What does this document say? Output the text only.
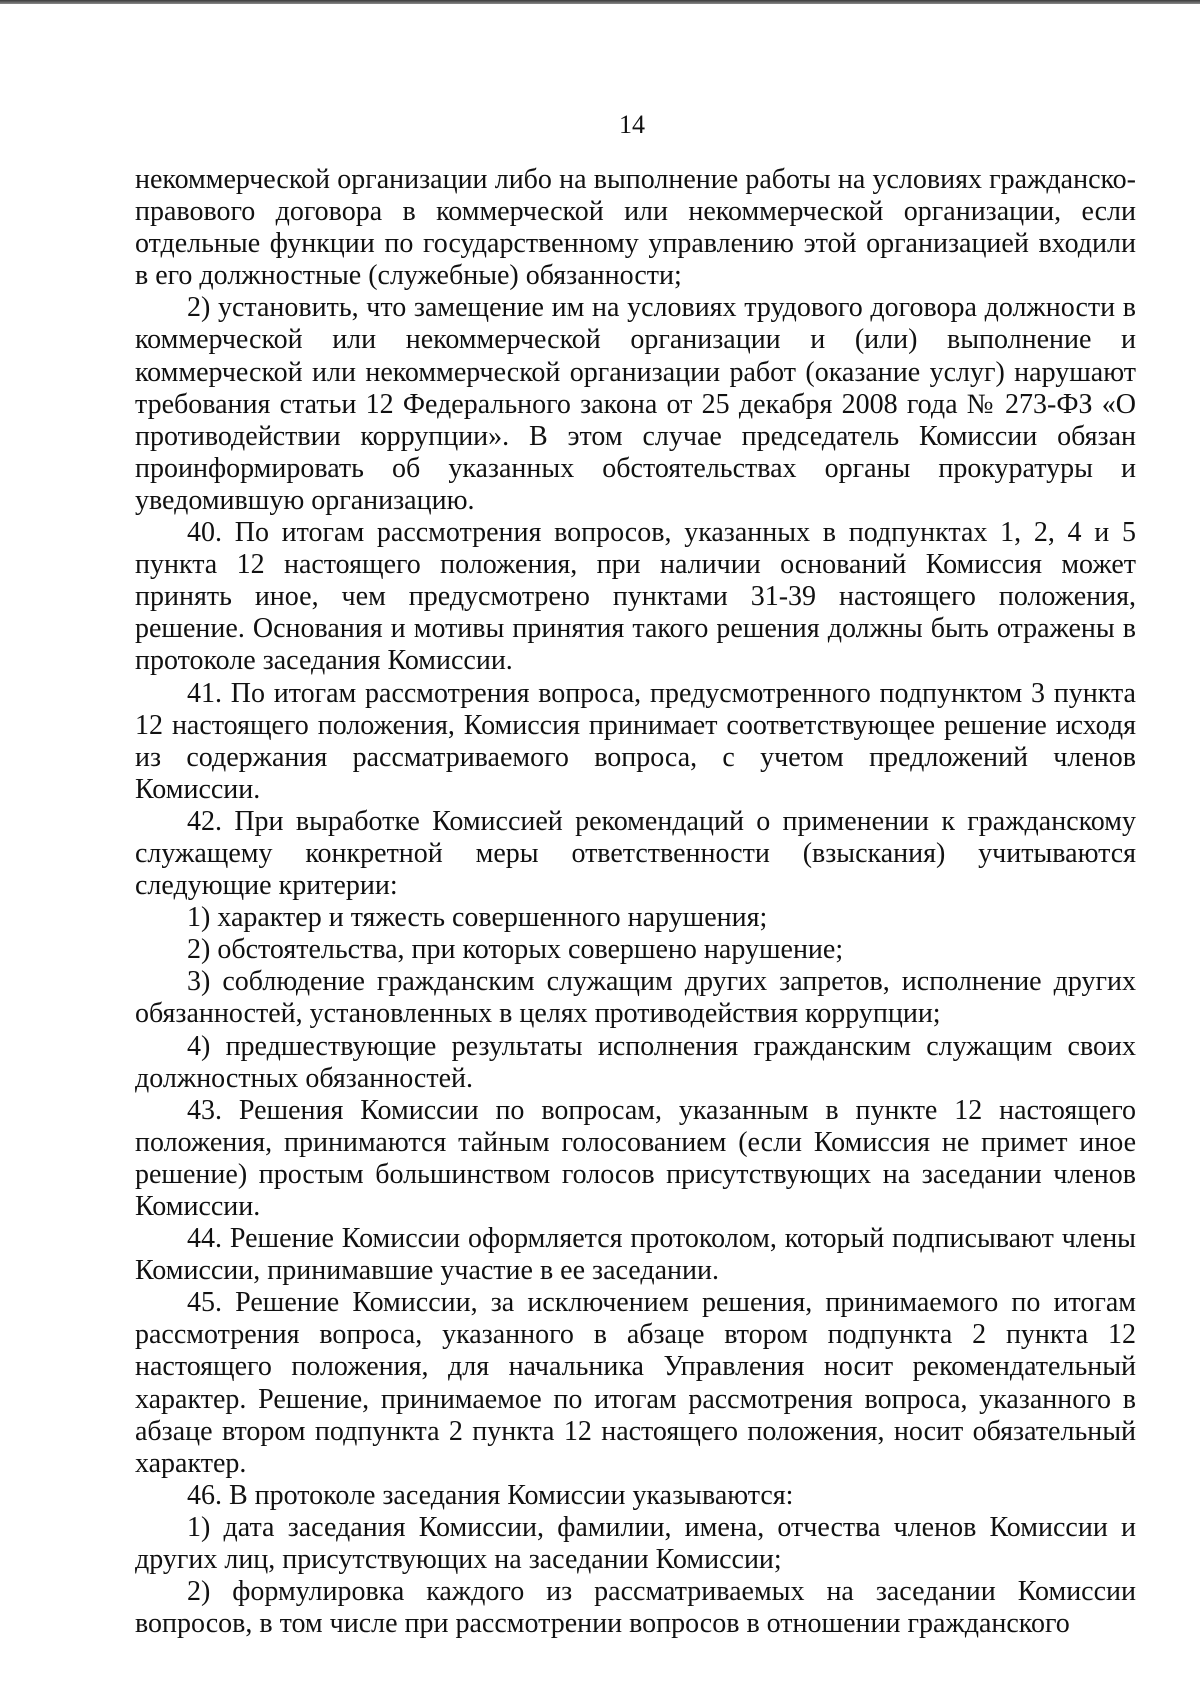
14

некоммерческой организации либо на выполнение работы на условиях гражданско-правового договора в коммерческой или некоммерческой организации, если отдельные функции по государственному управлению этой организацией входили в его должностные (служебные) обязанности;

2) установить, что замещение им на условиях трудового договора должности в коммерческой или некоммерческой организации и (или) выполнение и коммерческой или некоммерческой организации работ (оказание услуг) нарушают требования статьи 12 Федерального закона от 25 декабря 2008 года № 273-ФЗ «О противодействии коррупции». В этом случае председатель Комиссии обязан проинформировать об указанных обстоятельствах органы прокуратуры и уведомившую организацию.

40. По итогам рассмотрения вопросов, указанных в подпунктах 1, 2, 4 и 5 пункта 12 настоящего положения, при наличии оснований Комиссия может принять иное, чем предусмотрено пунктами 31-39 настоящего положения, решение. Основания и мотивы принятия такого решения должны быть отражены в протоколе заседания Комиссии.

41. По итогам рассмотрения вопроса, предусмотренного подпунктом 3 пункта 12 настоящего положения, Комиссия принимает соответствующее решение исходя из содержания рассматриваемого вопроса, с учетом предложений членов Комиссии.

42. При выработке Комиссией рекомендаций о применении к гражданскому служащему конкретной меры ответственности (взыскания) учитываются следующие критерии:

1) характер и тяжесть совершенного нарушения;

2) обстоятельства, при которых совершено нарушение;

3) соблюдение гражданским служащим других запретов, исполнение других обязанностей, установленных в целях противодействия коррупции;

4) предшествующие результаты исполнения гражданским служащим своих должностных обязанностей.

43. Решения Комиссии по вопросам, указанным в пункте 12 настоящего положения, принимаются тайным голосованием (если Комиссия не примет иное решение) простым большинством голосов присутствующих на заседании членов Комиссии.

44. Решение Комиссии оформляется протоколом, который подписывают члены Комиссии, принимавшие участие в ее заседании.

45. Решение Комиссии, за исключением решения, принимаемого по итогам рассмотрения вопроса, указанного в абзаце втором подпункта 2 пункта 12 настоящего положения, для начальника Управления носит рекомендательный характер. Решение, принимаемое по итогам рассмотрения вопроса, указанного в абзаце втором подпункта 2 пункта 12 настоящего положения, носит обязательный характер.

46. В протоколе заседания Комиссии указываются:

1) дата заседания Комиссии, фамилии, имена, отчества членов Комиссии и других лиц, присутствующих на заседании Комиссии;

2) формулировка каждого из рассматриваемых на заседании Комиссии вопросов, в том числе при рассмотрении вопросов в отношении гражданского
